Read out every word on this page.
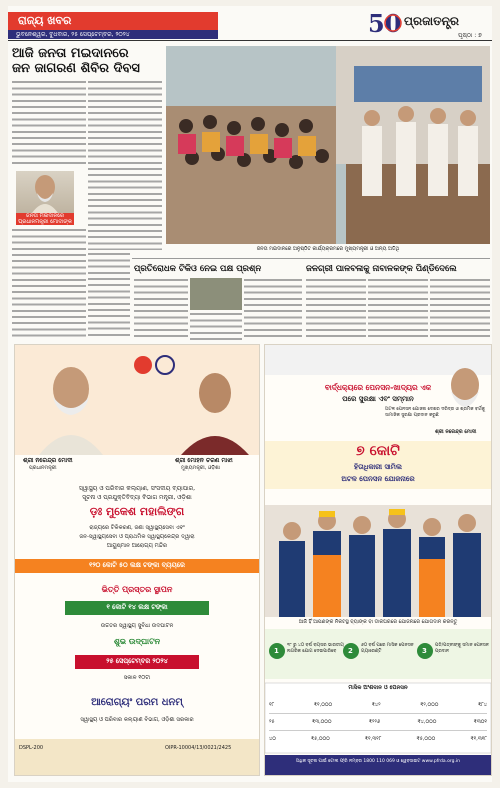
ରାଜ୍ୟ ଖବର
ଭୁବନେଶ୍ୱର, ବୁଧବାର, ୨୫ ସେପ୍ଟେମ୍ବର, ୨୦୨୪	50 ପ୍ରଜାତନ୍ତ୍ର
ପୃଷ୍ଠା : ୭
ଆଜି ଜନତା ମଇଦାନରେ
ଜନ ଜାଗରଣ ଶିବିର ଦିବସ
ଜନତା ମଇଦାନରେ ପ୍ରଧାନମନ୍ତ୍ରୀ ମୋଦୀଙ୍କ
ଜନତା ମଇଦାନରେ ଅନୁଷ୍ଠିତ କାର୍ଯ୍ୟକ୍ରମରେ ମୁଖ୍ୟମନ୍ତ୍ରୀ ଓ ଅନ୍ୟ ଅତିଥି
ପ୍ରତିରୋଧକ ଟିକିଓ ନେଇ ପକ୍ଷ ପ୍ରଶ୍ନ	ଜଳଗ୍ରୀ ପାଳବଳାକୁ ନାବାଳକଙ୍କ ପିଣ୍ଡିଦେଲେ
ଶ୍ରୀ ନରେନ୍ଦ୍ର ମୋଦୀ
ପ୍ରଧାନମନ୍ତ୍ରୀ
ଶ୍ରୀ ମୋହନ ଚରଣ ମାଝୀ
ମୁଖ୍ୟମନ୍ତ୍ରୀ, ଓଡ଼ିଶା
ସ୍ୱାସ୍ଥ୍ୟ ଓ ପରିବାର କଲ୍ୟାଣ, ସଂସଦୀୟ ବ୍ୟାପାର,
ସୂଚନା ଓ ପ୍ରଯୁକ୍ତିବିଦ୍ୟା ବିଭାଗ ମନ୍ତ୍ରୀ, ଓଡ଼ିଶା
ଡ଼ଃ ମୁକେଶ ମହାଲିଙ୍ଗ
ରାଜ୍ୟରେ ଟିକିକରଣ, ଜଣା ସ୍ୱାସ୍ଥ୍ୟସେବା ଏବଂ
ଜନ-ସ୍ୱାସ୍ଥ୍ୟସେବା ଓ ପ୍ରାଥମିକ ସ୍ୱାସ୍ଥ୍ୟକେନ୍ଦ୍ର ଦ୍ୱାରା
ଆୟୁଷ୍ମାନ ଆରୋଗ୍ୟ ମନ୍ଦିର
୧୨୦ କୋଟି ୫୦ ଲକ୍ଷ ଟଙ୍କା ବ୍ୟୟରେ
ଭିତ୍ତି ପ୍ରସ୍ତର ସ୍ଥାପନ
୧ କୋଟି ୧୪ ଲକ୍ଷ ଟଙ୍କା
ଉଚ୍ଚତର ସ୍ୱାସ୍ଥ୍ୟ ସୁବିଧା ଉଦଘାଟନ
ଶୁଭ ଉଦ୍‌ଘାଟନ
୨୫ ସେପ୍ଟେମ୍ବର ୨୦୨୪
ସକାଳ ୧୦ଟା
ଆରୋଗ୍ୟଂ ପରମ ଧନମ୍
ସ୍ୱାସ୍ଥ୍ୟ ଓ ପରିବାର କଲ୍ୟାଣ ବିଭାଗ, ଓଡ଼ିଶା ସରକାର
DSPL-200	OIPR-10004/13/0021/2425
ବାର୍ଦ୍ଧକ୍ୟରେ ପେନସନ-ଖାଦ୍ୟର ଏକ
ପରେ ସୁରକ୍ଷା ଏବଂ ସମ୍ମାନ
୭ କୋଟି
ହିତାଧିକାରୀ ସାମିଲ
ଅଟଳ ପେନସନ ଯୋଜନାରେ
ଅଟଳ ପେନସନ ଯୋଜନା ଦେଶର ଦରିଦ୍ର ଓ ଶ୍ରମିକ ବର୍ଗକୁ ସାମାଜିକ ସୁରକ୍ଷା ପ୍ରଦାନ କରୁଛି
ଶ୍ରୀ ନରେନ୍ଦ୍ର ମୋଦୀ
ଆଜି ହିଁ ଆପଣଙ୍କ ନିକଟସ୍ଥ ବ୍ୟାଙ୍କ ବା ଡାକଘରରେ ଯୋଜନାରେ ଯୋଗଦାନ କରନ୍ତୁ
1
୧୮ ରୁ ୪୦ ବର୍ଷ ବୟସର ଭାରତୀୟ ନାଗରିକ ଯୋଗ ଦେଇପାରିବେ	2
୬୦ ବର୍ଷ ପରେ ମାସିକ ପେନସନ ଗ୍ୟାରେଣ୍ଟି	3
ପତି/ପତ୍ନୀଙ୍କୁ ସମାନ ପେନସନ ପ୍ରଦାନ
ମାସିକ ଅଂଶଦାନ ଓ ପେନସନ
୧୮	₹୧,୦୦୦	₹୪୨	₹୨,୦୦୦	₹୮୪
୨୫	₹୩,୦୦୦	₹୨୨୬	₹୪,୦୦୦	₹୩୦୧
୪୦	₹୫,୦୦୦	₹୧,୩୧୮	₹୫,୦୦୦	₹୧,୩୧୮
ଅଧିକ ସୂଚନା ପାଇଁ ଟୋଲ ଫ୍ରି ନମ୍ବର 1800 110 069 ଓ ୱେବସାଇଟ www.pfrda.org.in
